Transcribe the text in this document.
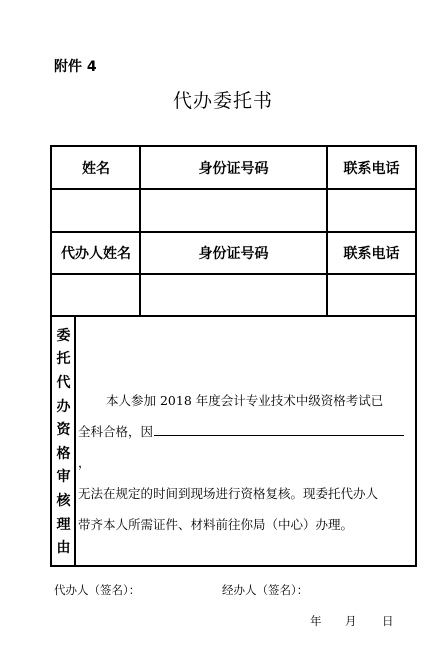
附件 4
代办委托书
姓名	身份证号码	联系电话
代办人姓名	身份证号码	联系电话
委
托
代
办
资
格
审
核
理
由
本人参加 2018 年度会计专业技术中级资格考试已
全科合格，因，
无法在规定的时间到现场进行资格复核。现委托代办人
带齐本人所需证件、材料前往你局（中心）办理。
代办人（签名）：	经办人（签名）：
年 月 日
